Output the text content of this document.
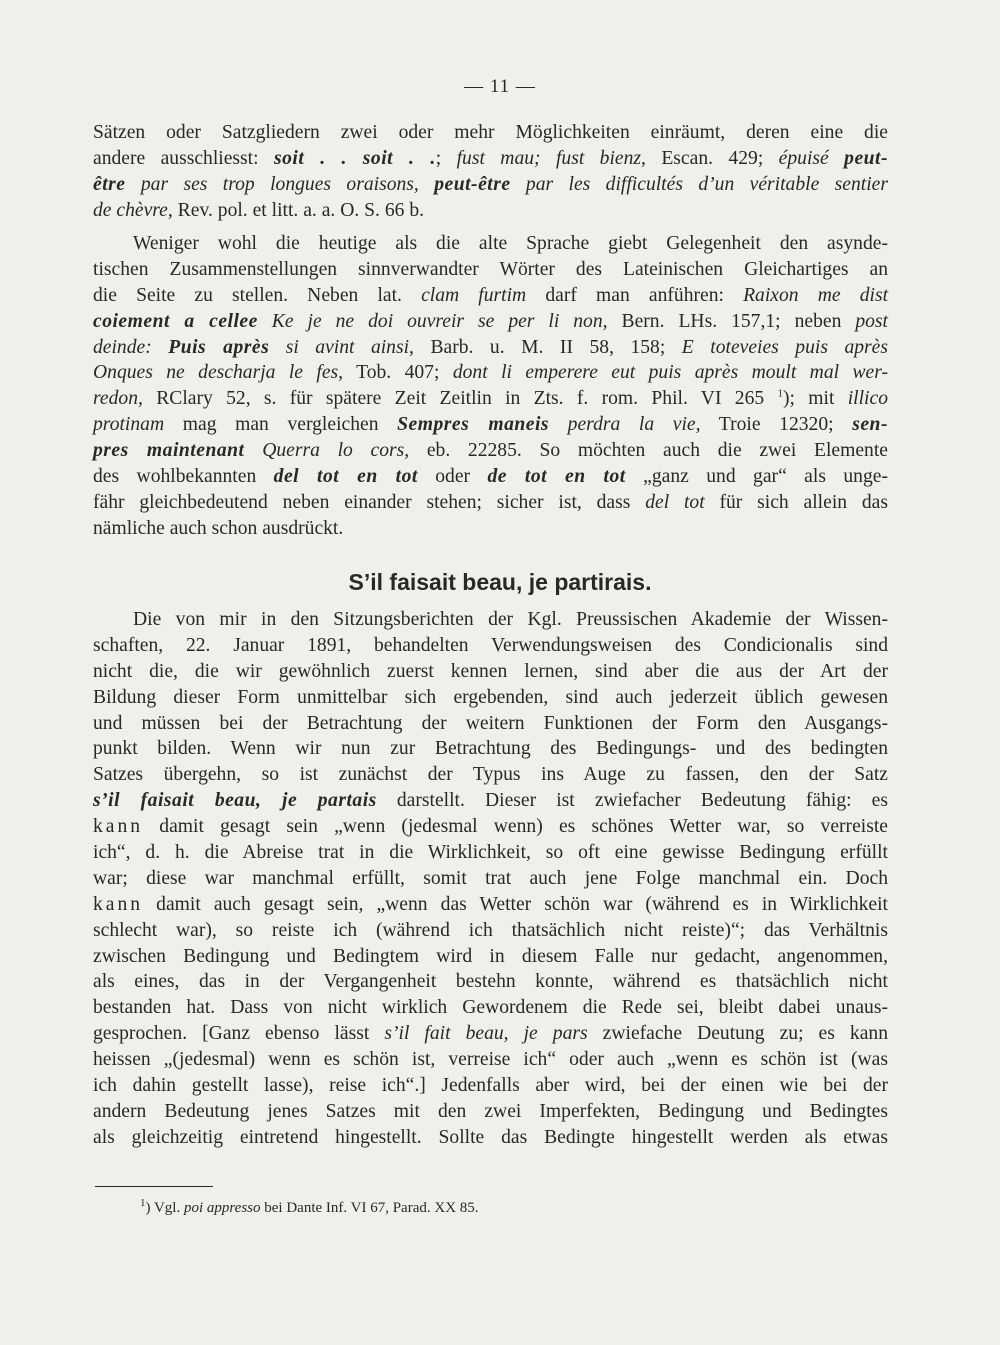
— 11 —
Sätzen oder Satzgliedern zwei oder mehr Möglichkeiten einräumt, deren eine die
andere ausschliesst: soit . . soit . .; fust mau; fust bienz, Escan. 429; épuisé peut-
être par ses trop longues oraisons, peut-être par les difficultés d’un véritable sentier
de chèvre, Rev. pol. et litt. a. a. O. S. 66 b.
Weniger wohl die heutige als die alte Sprache giebt Gelegenheit den asynde-
tischen Zusammenstellungen sinnverwandter Wörter des Lateinischen Gleichartiges an
die Seite zu stellen. Neben lat. clam furtim darf man anführen: Raixon me dist
coiement a cellee Ke je ne doi ouvreir se per li non, Bern. LHs. 157,1; neben post
deinde: Puis après si avint ainsi, Barb. u. M. II 58, 158; E toteveies puis après
Onques ne descharja le fes, Tob. 407; dont li emperere eut puis après moult mal wer-
redon, RClary 52, s. für spätere Zeit Zeitlin in Zts. f. rom. Phil. VI 265 $^1$); mit illico
protinam mag man vergleichen Sempres maneis perdra la vie, Troie 12320; sen-
pres maintenant Querra lo cors, eb. 22285. So möchten auch die zwei Elemente
des wohlbekannten del tot en tot oder de tot en tot „ganz und gar“ als unge-
fähr gleichbedeutend neben einander stehen; sicher ist, dass del tot für sich allein das
nämliche auch schon ausdrückt.
S’il faisait beau, je partirais.
Die von mir in den Sitzungsberichten der Kgl. Preussischen Akademie der Wissen-
schaften, 22. Januar 1891, behandelten Verwendungsweisen des Condicionalis sind
nicht die, die wir gewöhnlich zuerst kennen lernen, sind aber die aus der Art der
Bildung dieser Form unmittelbar sich ergebenden, sind auch jederzeit üblich gewesen
und müssen bei der Betrachtung der weitern Funktionen der Form den Ausgangs-
punkt bilden. Wenn wir nun zur Betrachtung des Bedingungs- und des bedingten
Satzes übergehn, so ist zunächst der Typus ins Auge zu fassen, den der Satz
s’il faisait beau, je partais darstellt. Dieser ist zwiefacher Bedeutung fähig: es
kann damit gesagt sein „wenn (jedesmal wenn) es schönes Wetter war, so verreiste
ich“, d. h. die Abreise trat in die Wirklichkeit, so oft eine gewisse Bedingung erfüllt
war; diese war manchmal erfüllt, somit trat auch jene Folge manchmal ein. Doch
kann damit auch gesagt sein, „wenn das Wetter schön war (während es in Wirklichkeit
schlecht war), so reiste ich (während ich thatsächlich nicht reiste)“; das Verhältnis
zwischen Bedingung und Bedingtem wird in diesem Falle nur gedacht, angenommen,
als eines, das in der Vergangenheit bestehn konnte, während es thatsächlich nicht
bestanden hat. Dass von nicht wirklich Gewordenem die Rede sei, bleibt dabei unaus-
gesprochen. [Ganz ebenso lässt s’il fait beau, je pars zwiefache Deutung zu; es kann
heissen „(jedesmal) wenn es schön ist, verreise ich“ oder auch „wenn es schön ist (was
ich dahin gestellt lasse), reise ich“.] Jedenfalls aber wird, bei der einen wie bei der
andern Bedeutung jenes Satzes mit den zwei Imperfekten, Bedingung und Bedingtes
als gleichzeitig eintretend hingestellt. Sollte das Bedingte hingestellt werden als etwas
$^1$) Vgl. poi appresso bei Dante Inf. VI 67, Parad. XX 85.
